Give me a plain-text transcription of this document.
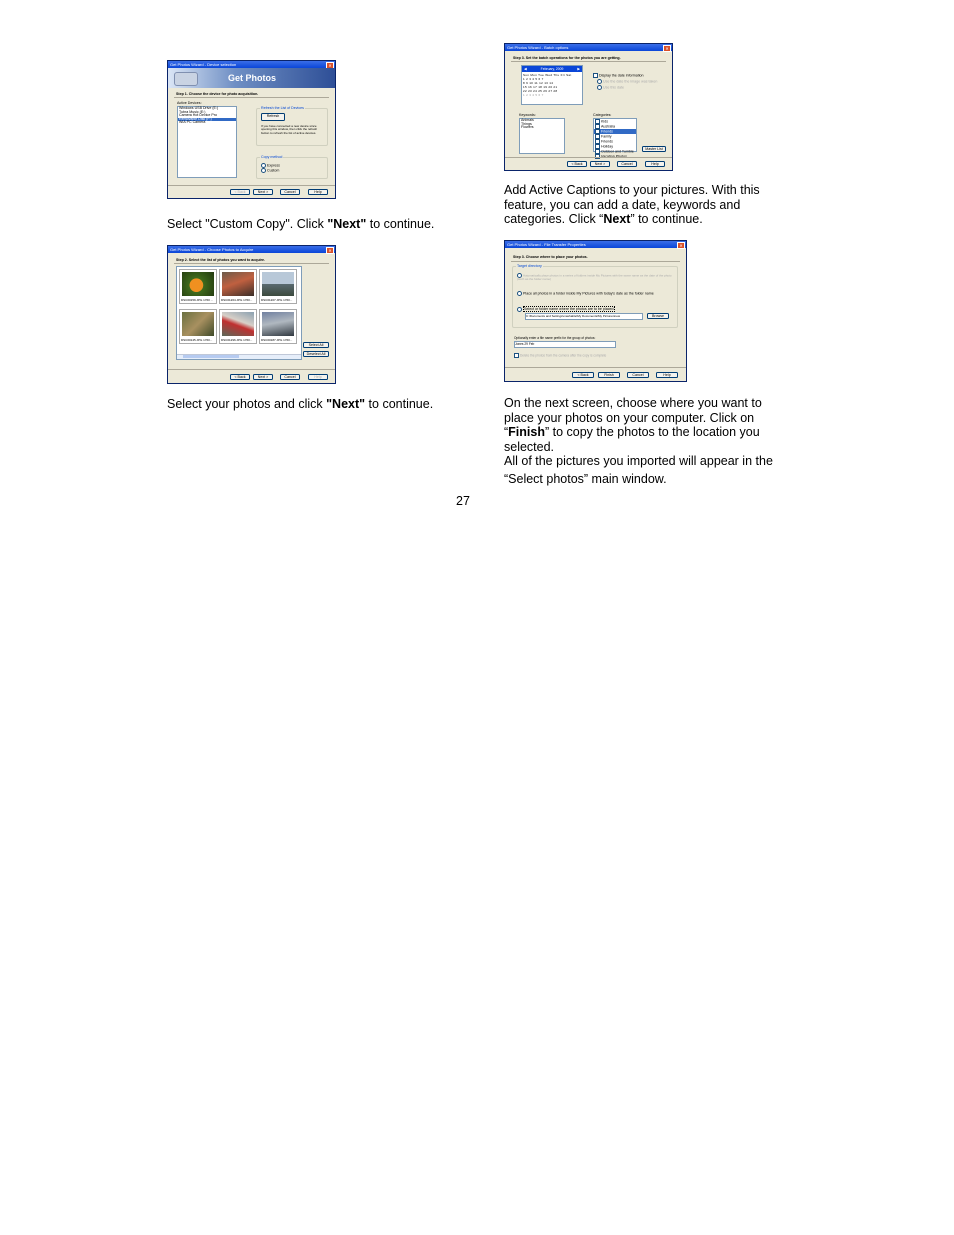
Get Photos Wizard - Device selection	✕
Get Photos
Step 1. Choose the device for photo acquisition.
Active Devices:
Windows USB Drive (E:)
Tubra Music (E:)
Camera Hot Device Pro
Removable Disk (F:)
WIA PC Camera
Refresh the List of Devices
Refresh
If you have connected a new device since opening this window, then click the refresh button to refresh the list of active devices.
Copy method
Express
Custom
< Back	Next >	Cancel	Help
Select "Custom Copy". Click "Next" to continue.
Get Photos Wizard - Choose Photos to Acquire	✕
Step 2. Select the list of photos you want to acquire.
DSC00159.JPG 1760 ...	DSC01264.JPG 1760...	DSC01207.JPG 1760...
DSC00145.JPG 1760...	DSC01296.JPG 1760...	DSC00187.JPG 1760...
Select All
Deselect All
< Back	Next >	Cancel	Help
Select your photos and click "Next" to continue.
Get Photos Wizard - Batch options	✕
Step 3. Set the batch operations for the photos you are getting.
◀	February, 2009	▶
Sun Mon Tue Wed Thu Fri Sat
1 2 3 4 5 6 7
8 9 10 11 12 13 14
15 16 17 18 19 20 21
22 23 24 25 26 27 28
1 2 3 4 5 6 7
Display the date information
Use the date the image was taken
Use this date
Keywords:
Animals
Things
Flowers
Categories:
Kids
Australia
Friends
Family
Friends
Holiday
Outdoor and Tumble
Vacation Photos
Master List
< Back	Next >	Cancel	Help
Add Active Captions to your pictures. With this
feature, you can add a date, keywords and
categories. Click “Next” to continue.
Get Photos Wizard - File Transfer Properties	✕
Step 3. Choose where to place your photos.
Target directory
Automatically place photos in a series of folders inside My Pictures with the same name as the date of the photo (such as the folder name)
Place all photos in a folder inside My Pictures with today's date as the folder name
Select or folder name where the photos are to be placed
C:\Documents and Settings\mashable\My Documents\My Pictures\new	Browse
Optionally enter a file name prefix for the group of photos:
Jones 29 Feb
Delete the photos from the camera after the copy is complete
< Back	Finish	Cancel	Help
On the next screen, choose where you want to
place your photos on your computer. Click on
“Finish” to copy the photos to the location you
selected.
All of the pictures you imported will appear in the
“Select photos” main window.
27
